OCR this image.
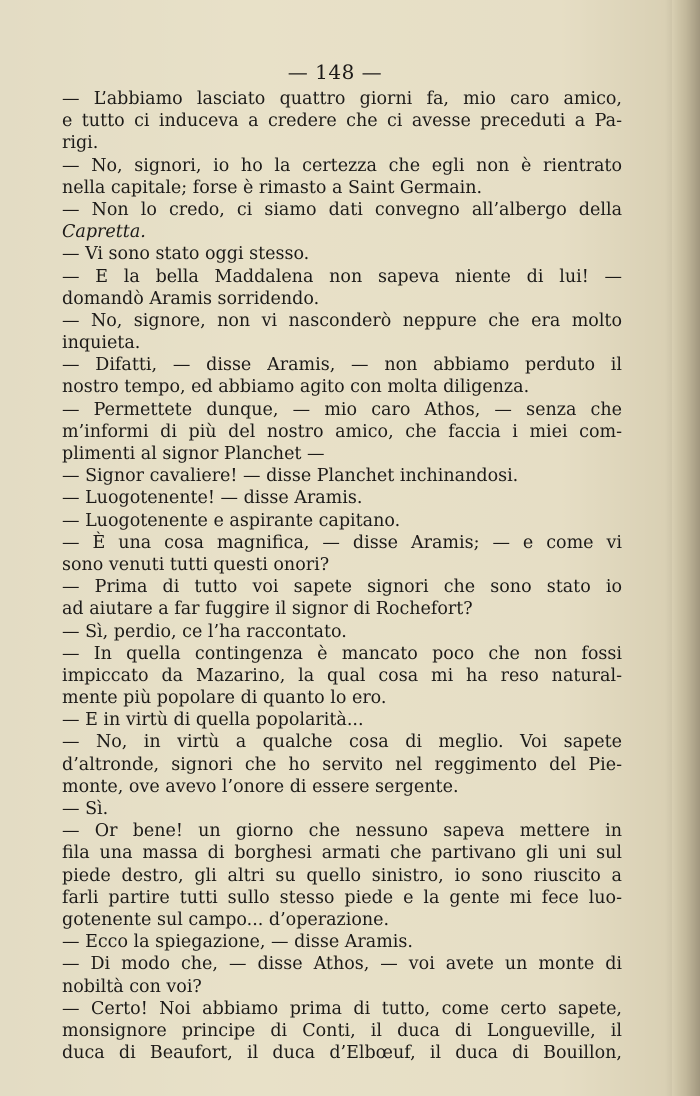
— 148 —
— L’abbiamo lasciato quattro giorni fa, mio caro amico,
e tutto ci induceva a credere che ci avesse preceduti a Pa-
rigi.
— No, signori, io ho la certezza che egli non è rientrato
nella capitale; forse è rimasto a Saint Germain.
— Non lo credo, ci siamo dati convegno all’albergo della
Capretta.
— Vi sono stato oggi stesso.
— E la bella Maddalena non sapeva niente di lui! —
domandò Aramis sorridendo.
— No, signore, non vi nasconderò neppure che era molto
inquieta.
— Difatti, — disse Aramis, — non abbiamo perduto il
nostro tempo, ed abbiamo agito con molta diligenza.
— Permettete dunque, — mio caro Athos, — senza che
m’informi di più del nostro amico, che faccia i miei com-
plimenti al signor Planchet —
— Signor cavaliere! — disse Planchet inchinandosi.
— Luogotenente! — disse Aramis.
— Luogotenente e aspirante capitano.
— È una cosa magnifica, — disse Aramis; — e come vi
sono venuti tutti questi onori?
— Prima di tutto voi sapete signori che sono stato io
ad aiutare a far fuggire il signor di Rochefort?
— Sì, perdio, ce l’ha raccontato.
— In quella contingenza è mancato poco che non fossi
impiccato da Mazarino, la qual cosa mi ha reso natural-
mente più popolare di quanto lo ero.
— E in virtù di quella popolarità...
— No, in virtù a qualche cosa di meglio. Voi sapete
d’altronde, signori che ho servito nel reggimento del Pie-
monte, ove avevo l’onore di essere sergente.
— Sì.
— Or bene! un giorno che nessuno sapeva mettere in
fila una massa di borghesi armati che partivano gli uni sul
piede destro, gli altri su quello sinistro, io sono riuscito a
farli partire tutti sullo stesso piede e la gente mi fece luo-
gotenente sul campo... d’operazione.
— Ecco la spiegazione, — disse Aramis.
— Di modo che, — disse Athos, — voi avete un monte di
nobiltà con voi?
— Certo! Noi abbiamo prima di tutto, come certo sapete,
monsignore principe di Conti, il duca di Longueville, il
duca di Beaufort, il duca d’Elbœuf, il duca di Bouillon,
